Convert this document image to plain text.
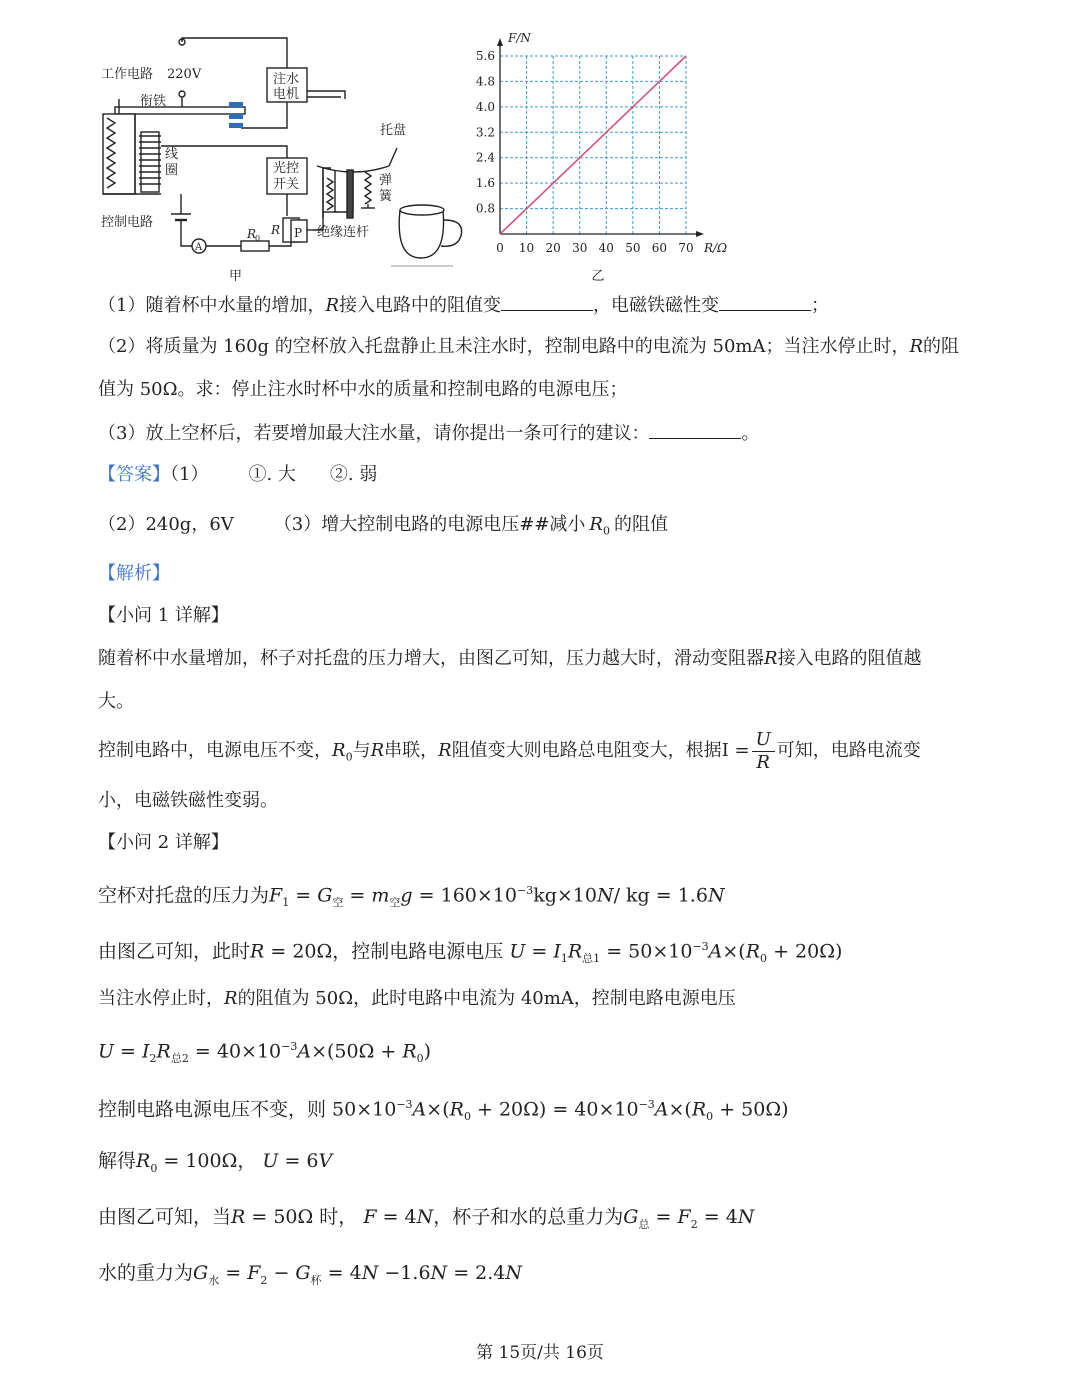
工作电路 220V
衔铁
注水
电机
线
圈
托盘
光控
开关	弹
簧
控制电路
A
R
0
R P 绝缘连杆
甲
0 10 20 30 40 50 60 70
0.8
1.6
2.4
3.2
4.0
4.8
5.6
F/N
R/Ω
乙
（1）随着杯中水量的增加，R接入电路中的阻值变	，电磁铁磁性变	；
（2）将质量为 160g 的空杯放入托盘静止且未注水时，控制电路中的电流为 50mA；当注水停止时，R的阻
值为 50Ω。求：停止注水时杯中水的质量和控制电路的电源电压；
（3）放上空杯后，若要增加最大注水量，请你提出一条可行的建议：	。
【答案】（1） ①. 大 ②. 弱
（2）240g，6V （3）增大控制电路的电源电压##减小 $R_0$ 的阻值
【解析】
【小问 1 详解】
随着杯中水量增加，杯子对托盘的压力增大，由图乙可知，压力越大时，滑动变阻器R接入电路的阻值越
大。
控制电路中，电源电压不变，$R_0$与R串联，R阻值变大则电路总电阻变大，根据$I = \frac{U}{R}$ 可知，电路电流变
小，电磁铁磁性变弱。
【小问 2 详解】
空杯对托盘的压力为$F_1 = G_空 = m_空g = 160\times 10^{-3}kg\times 10N/$ kg = 1.6N
由图乙可知，此时R = 20Ω，控制电路电源电压 $U = I_1R_{总1} = 50\times 10^{-3}A\times(R_0 + 20\Omega)$
当注水停止时，R的阻值为 50Ω，此时电路中电流为 40mA，控制电路电源电压
$U = I_2R_{总2} = 40\times 10^{-3}A\times(50\Omega + R_0)$
控制电路电源电压不变，则 $50\times 10^{-3}A\times(R_0 + 20\Omega) = 40\times 10^{-3}A\times(R_0 + 50\Omega)$
解得$R_0 = 100\Omega$， U = 6V
由图乙可知，当R = 50Ω 时， F = 4N，杯子和水的总重力为$G_总 = F_2 = 4N$
水的重力为$G_水 = F_2 - G_杯 = 4N -1.6N = 2.4N$
第 15页/共 16页
